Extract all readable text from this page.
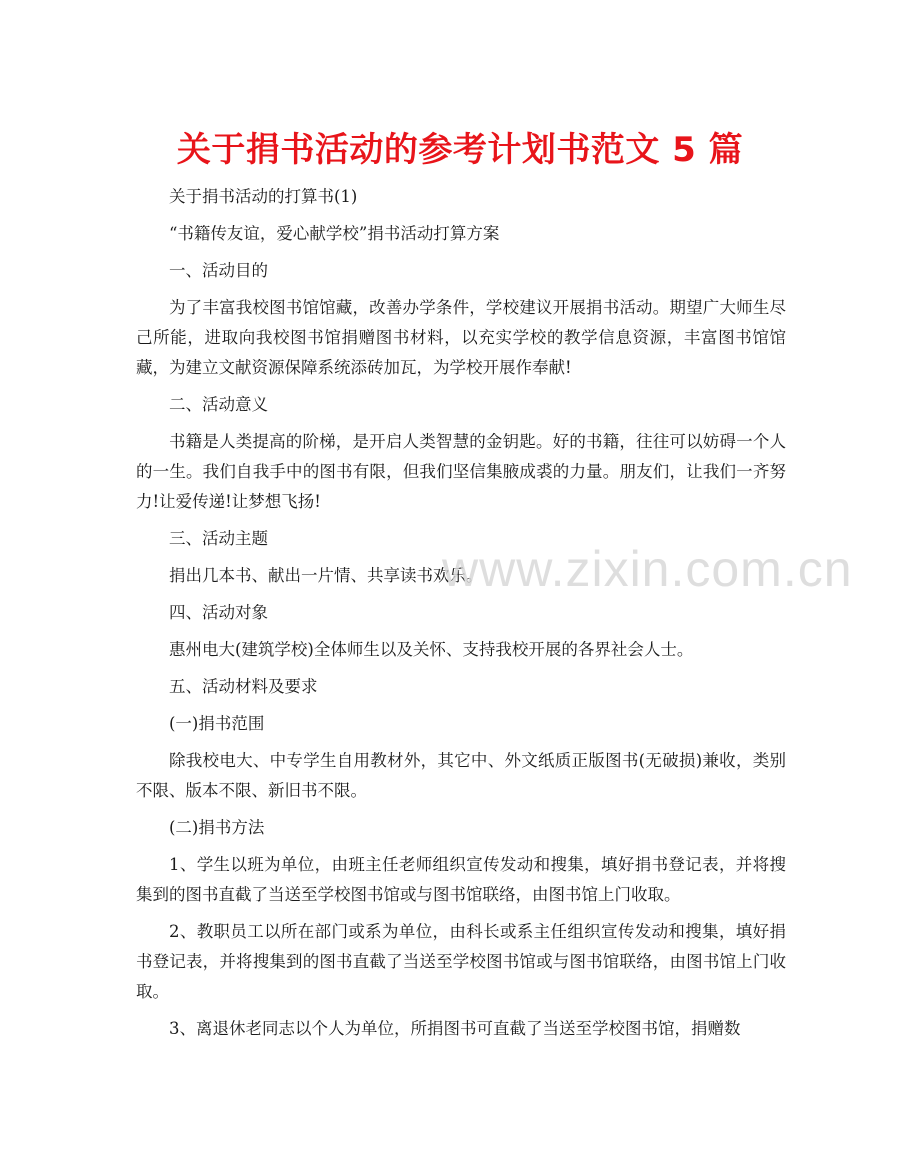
关于捐书活动的参考计划书范文 5 篇

关于捐书活动的打算书(1)

“书籍传友谊，爱心献学校”捐书活动打算方案

一、活动目的

为了丰富我校图书馆馆藏，改善办学条件，学校建议开展捐书活动。期望广大师生尽己所能，进取向我校图书馆捐赠图书材料，以充实学校的教学信息资源，丰富图书馆馆藏，为建立文献资源保障系统添砖加瓦，为学校开展作奉献!

二、活动意义

书籍是人类提高的阶梯，是开启人类智慧的金钥匙。好的书籍，往往可以妨碍一个人的一生。我们自我手中的图书有限，但我们坚信集腋成裘的力量。朋友们，让我们一齐努力!让爱传递!让梦想飞扬!

三、活动主题

捐出几本书、献出一片情、共享读书欢乐。

四、活动对象

惠州电大(建筑学校)全体师生以及关怀、支持我校开展的各界社会人士。

五、活动材料及要求

(一)捐书范围

除我校电大、中专学生自用教材外，其它中、外文纸质正版图书(无破损)兼收，类别不限、版本不限、新旧书不限。

(二)捐书方法

1、学生以班为单位，由班主任老师组织宣传发动和搜集，填好捐书登记表，并将搜集到的图书直截了当送至学校图书馆或与图书馆联络，由图书馆上门收取。

2、教职员工以所在部门或系为单位，由科长或系主任组织宣传发动和搜集，填好捐书登记表，并将搜集到的图书直截了当送至学校图书馆或与图书馆联络，由图书馆上门收取。

3、离退休老同志以个人为单位，所捐图书可直截了当送至学校图书馆，捐赠数

www.zixin.com.cn
